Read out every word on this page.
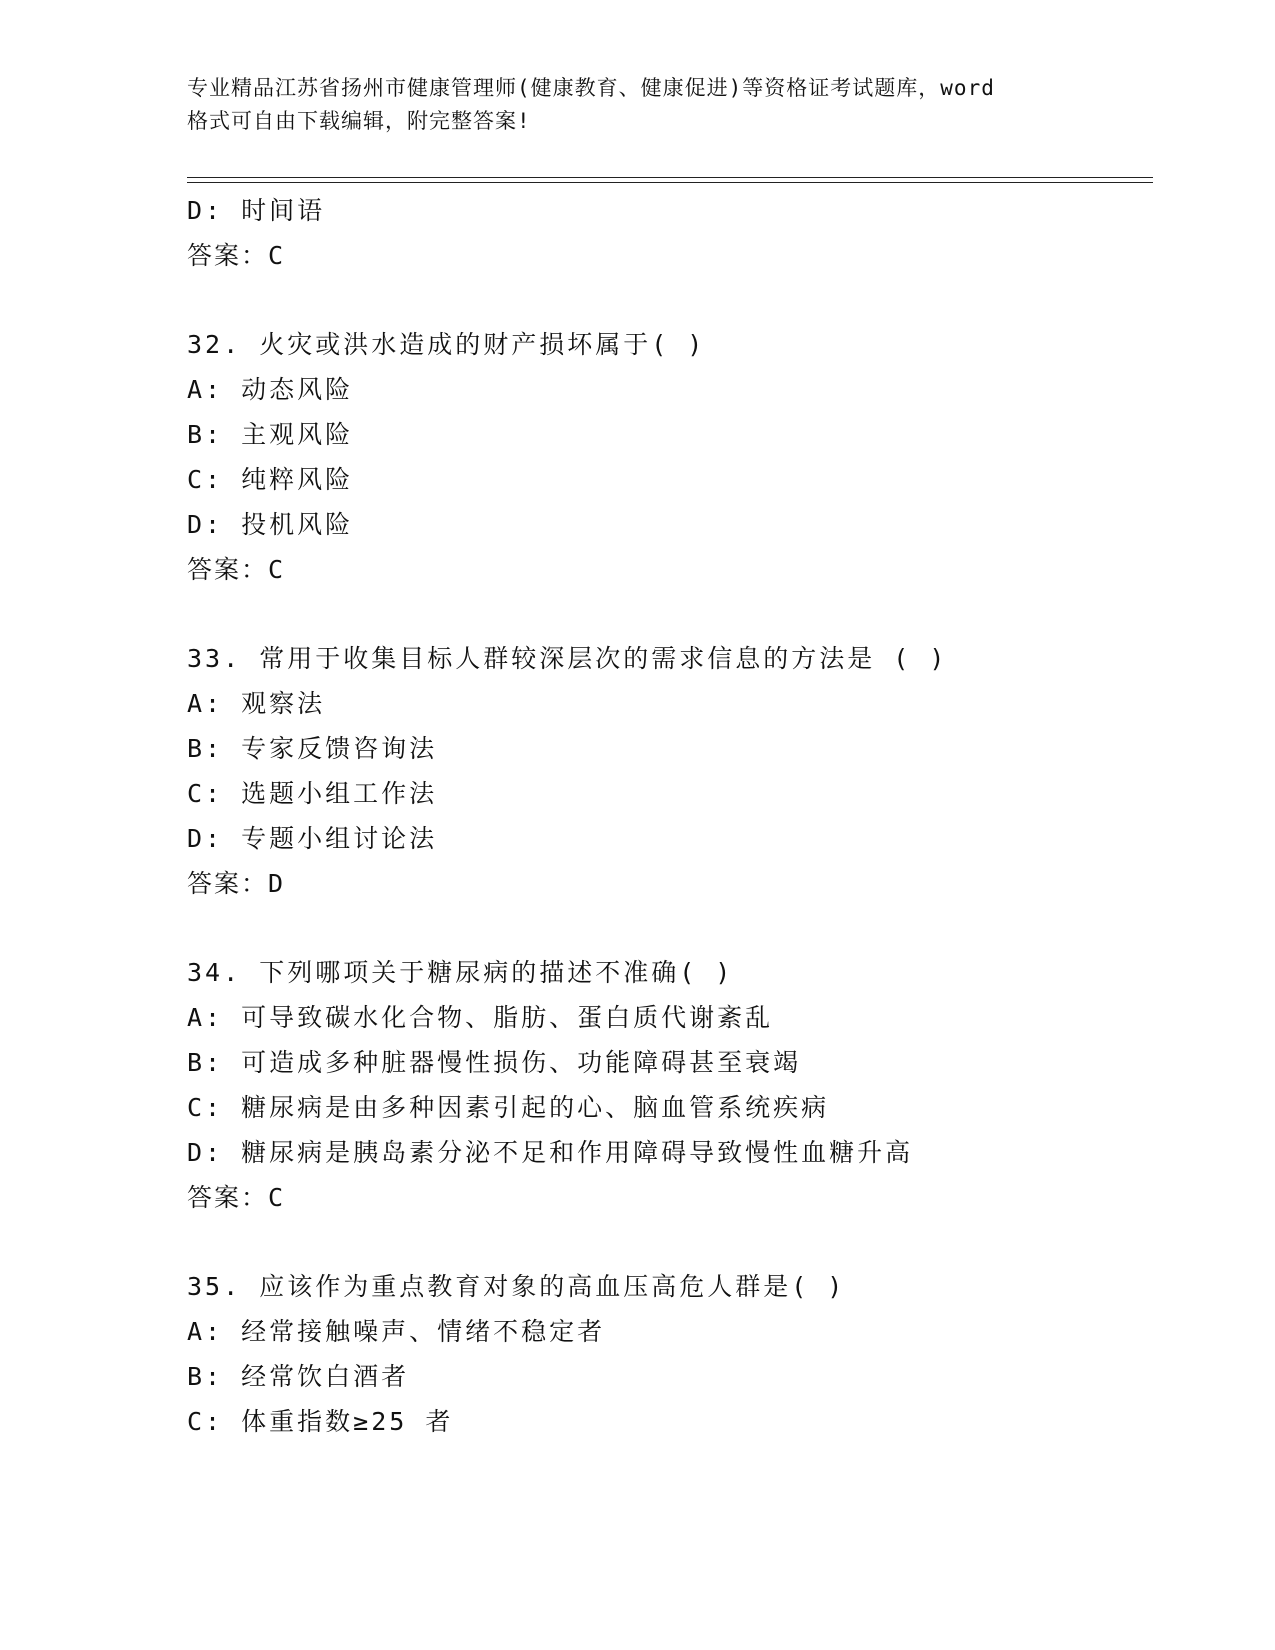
专业精品江苏省扬州市健康管理师(健康教育、健康促进)等资格证考试题库，word
格式可自由下载编辑，附完整答案!
D: 时间语
答案：C
32. 火灾或洪水造成的财产损坏属于( )
A: 动态风险
B: 主观风险
C: 纯粹风险
D: 投机风险
答案：C
33. 常用于收集目标人群较深层次的需求信息的方法是 ( )
A: 观察法
B: 专家反馈咨询法
C: 选题小组工作法
D: 专题小组讨论法
答案：D
34. 下列哪项关于糖尿病的描述不准确( )
A: 可导致碳水化合物、脂肪、蛋白质代谢紊乱
B: 可造成多种脏器慢性损伤、功能障碍甚至衰竭
C: 糖尿病是由多种因素引起的心、脑血管系统疾病
D: 糖尿病是胰岛素分泌不足和作用障碍导致慢性血糖升高
答案：C
35. 应该作为重点教育对象的高血压高危人群是( )
A: 经常接触噪声、情绪不稳定者
B: 经常饮白酒者
C: 体重指数≥25 者
